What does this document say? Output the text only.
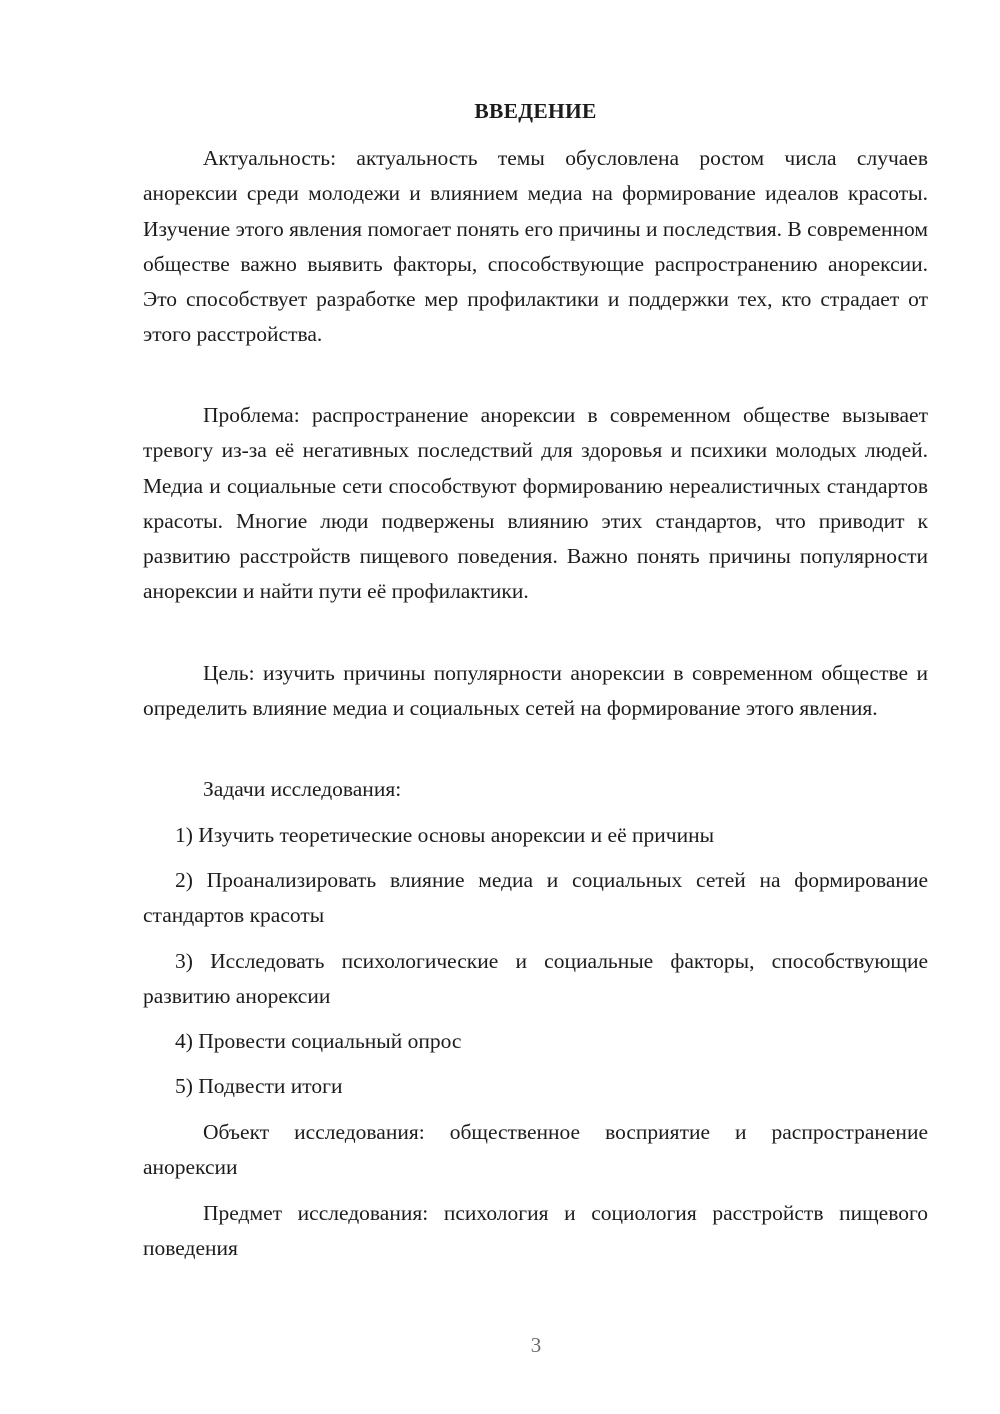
ВВЕДЕНИЕ

Актуальность: актуальность темы обусловлена ростом числа случаев анорексии среди молодежи и влиянием медиа на формирование идеалов красоты. Изучение этого явления помогает понять его причины и последствия. В современном обществе важно выявить факторы, способствующие распространению анорексии. Это способствует разработке мер профилактики и поддержки тех, кто страдает от этого расстройства.

Проблема: распространение анорексии в современном обществе вызывает тревогу из-за её негативных последствий для здоровья и психики молодых людей. Медиа и социальные сети способствуют формированию нереалистичных стандартов красоты. Многие люди подвержены влиянию этих стандартов, что приводит к развитию расстройств пищевого поведения. Важно понять причины популярности анорексии и найти пути её профилактики.

Цель: изучить причины популярности анорексии в современном обществе и определить влияние медиа и социальных сетей на формирование этого явления.

Задачи исследования:

1) Изучить теоретические основы анорексии и её причины

2) Проанализировать влияние медиа и социальных сетей на формирование стандартов красоты

3) Исследовать психологические и социальные факторы, способствующие развитию анорексии

4) Провести социальный опрос

5) Подвести итоги

Объект исследования: общественное восприятие и распространение анорексии

Предмет исследования: психология и социология расстройств пищевого поведения

3
